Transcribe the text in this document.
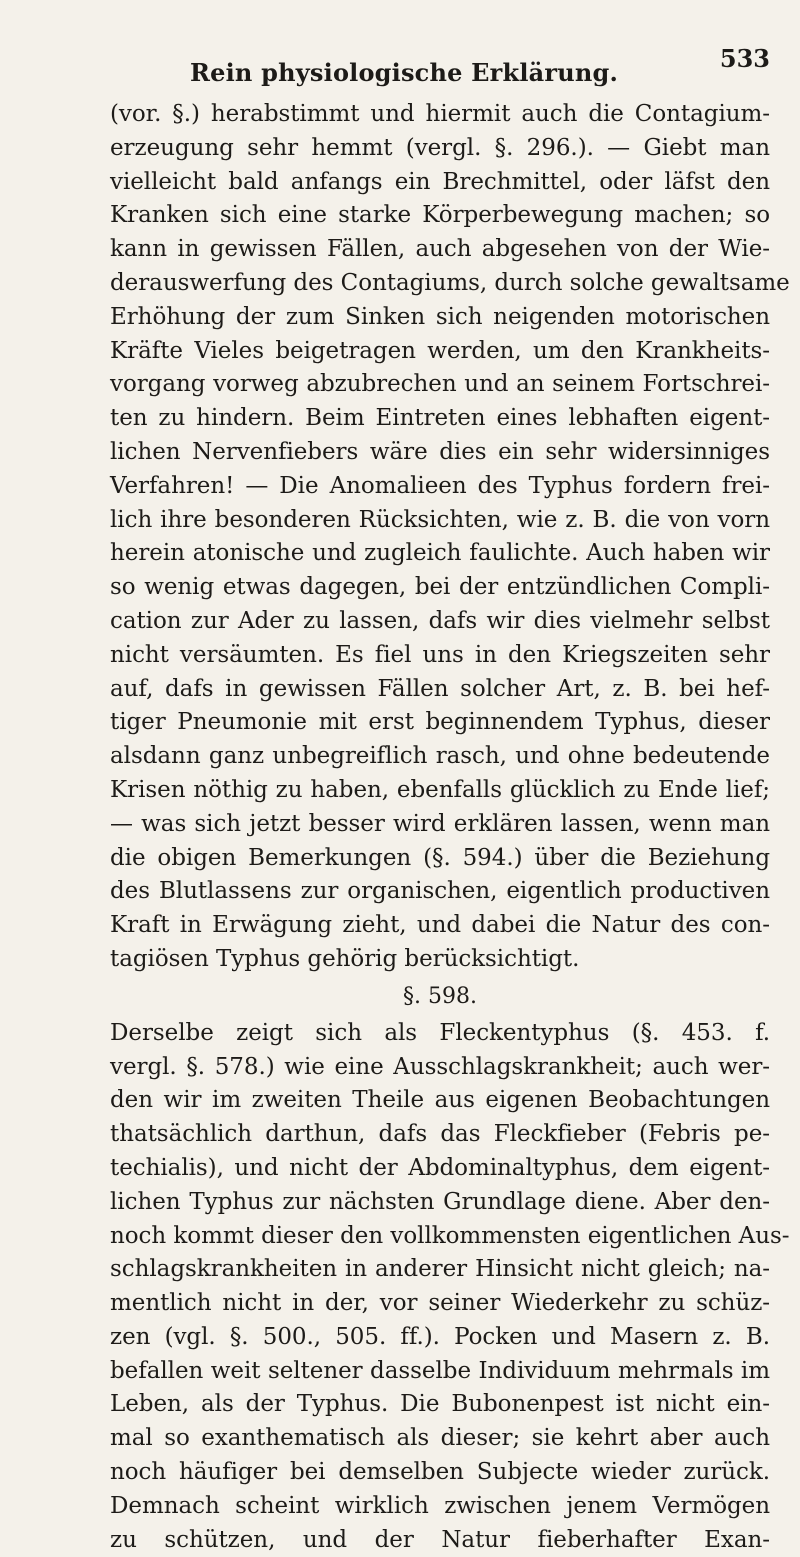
Rein physiologische Erklärung.	533
(vor. §.) herabstimmt und hiermit auch die Contagium-
erzeugung sehr hemmt (vergl. §. 296.). — Giebt man
vielleicht bald anfangs ein Brechmittel, oder läfst den
Kranken sich eine starke Körperbewegung machen; so
kann in gewissen Fällen, auch abgesehen von der Wie-
derauswerfung des Contagiums, durch solche gewaltsame
Erhöhung der zum Sinken sich neigenden motorischen
Kräfte Vieles beigetragen werden, um den Krankheits-
vorgang vorweg abzubrechen und an seinem Fortschrei-
ten zu hindern. Beim Eintreten eines lebhaften eigent-
lichen Nervenfiebers wäre dies ein sehr widersinniges
Verfahren! — Die Anomalieen des Typhus fordern frei-
lich ihre besonderen Rücksichten, wie z. B. die von vorn
herein atonische und zugleich faulichte. Auch haben wir
so wenig etwas dagegen, bei der entzündlichen Compli-
cation zur Ader zu lassen, dafs wir dies vielmehr selbst
nicht versäumten. Es fiel uns in den Kriegszeiten sehr
auf, dafs in gewissen Fällen solcher Art, z. B. bei hef-
tiger Pneumonie mit erst beginnendem Typhus, dieser
alsdann ganz unbegreiflich rasch, und ohne bedeutende
Krisen nöthig zu haben, ebenfalls glücklich zu Ende lief;
— was sich jetzt besser wird erklären lassen, wenn man
die obigen Bemerkungen (§. 594.) über die Beziehung
des Blutlassens zur organischen, eigentlich productiven
Kraft in Erwägung zieht, und dabei die Natur des con-
tagiösen Typhus gehörig berücksichtigt.
§. 598.
Derselbe zeigt sich als Fleckentyphus (§. 453. f.
vergl. §. 578.) wie eine Ausschlagskrankheit; auch wer-
den wir im zweiten Theile aus eigenen Beobachtungen
thatsächlich darthun, dafs das Fleckfieber (Febris pe-
techialis), und nicht der Abdominaltyphus, dem eigent-
lichen Typhus zur nächsten Grundlage diene. Aber den-
noch kommt dieser den vollkommensten eigentlichen Aus-
schlagskrankheiten in anderer Hinsicht nicht gleich; na-
mentlich nicht in der, vor seiner Wiederkehr zu schüz-
zen (vgl. §. 500., 505. ff.). Pocken und Masern z. B.
befallen weit seltener dasselbe Individuum mehrmals im
Leben, als der Typhus. Die Bubonenpest ist nicht ein-
mal so exanthematisch als dieser; sie kehrt aber auch
noch häufiger bei demselben Subjecte wieder zurück.
Demnach scheint wirklich zwischen jenem Vermögen
zu schützen, und der Natur fieberhafter Exan-
